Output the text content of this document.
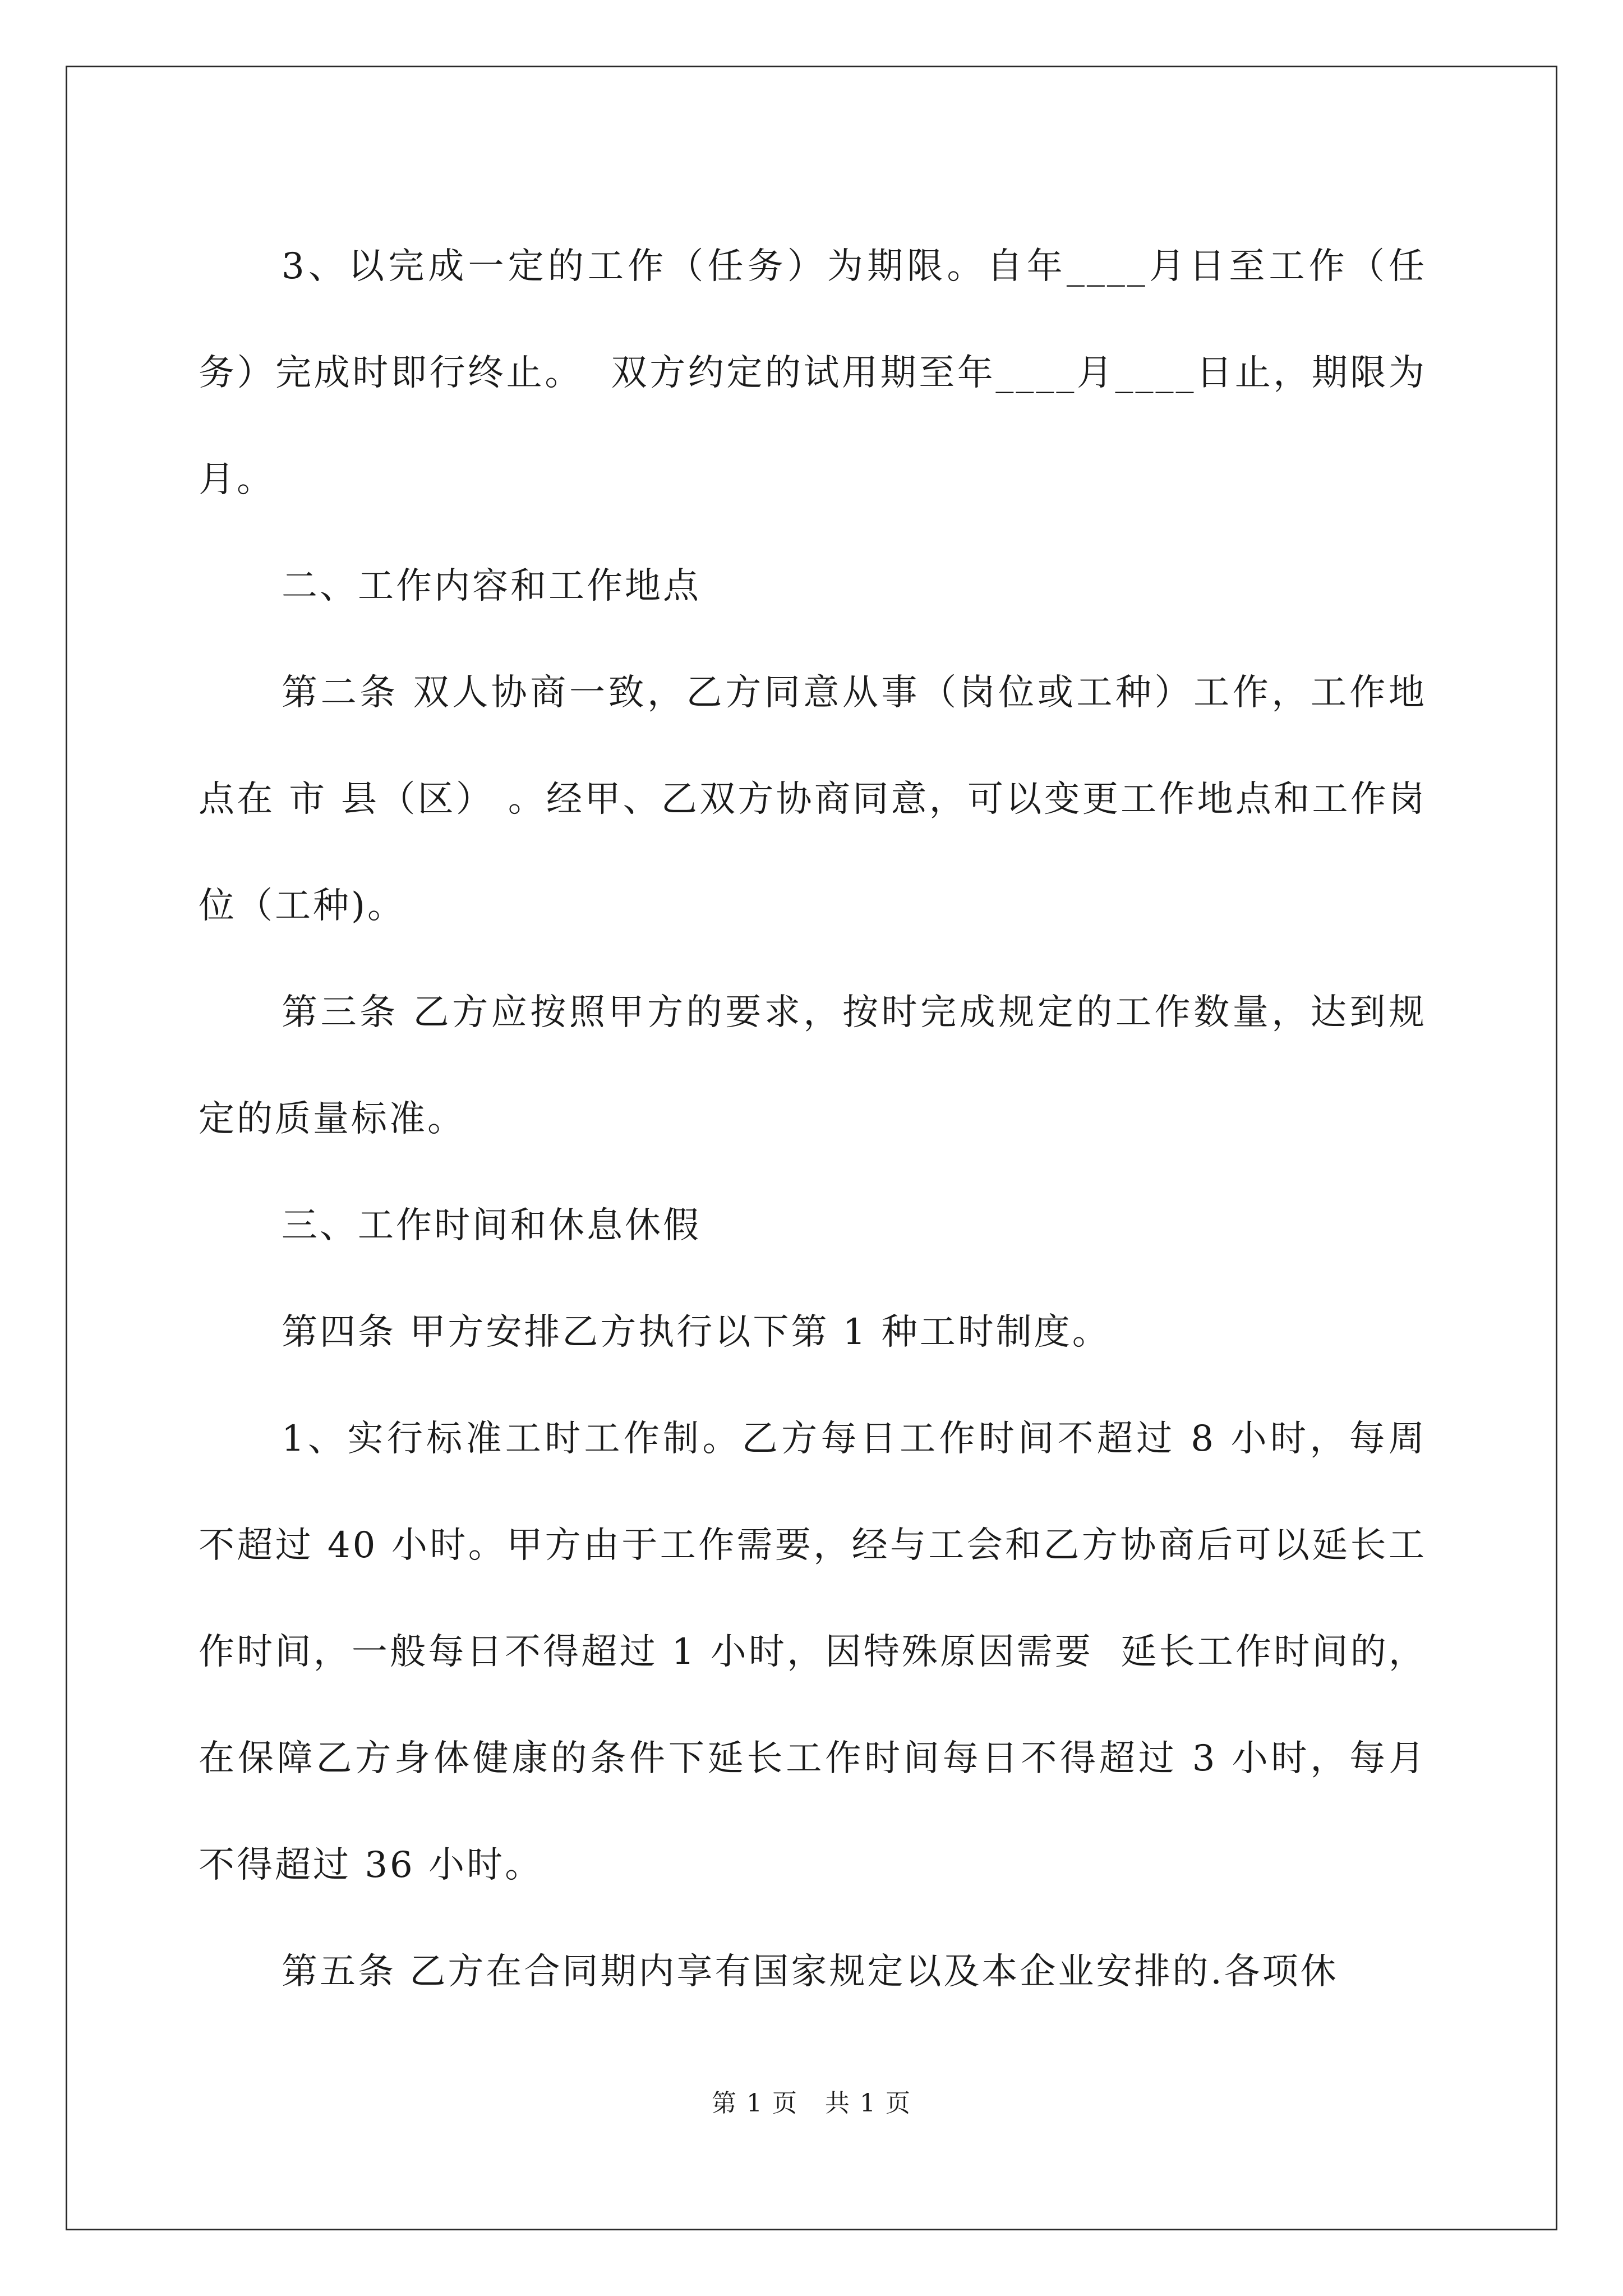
3、以完成一定的工作（任务）为期限。自年____月日至工作（任务）完成时即行终止。  双方约定的试用期至年____月____日止，期限为月。

二、工作内容和工作地点

第二条 双人协商一致，乙方同意从事（岗位或工种）工作，工作地点在 市 县（区） 。经甲、乙双方协商同意，可以变更工作地点和工作岗位（工种)。

第三条 乙方应按照甲方的要求，按时完成规定的工作数量，达到规定的质量标准。

三、工作时间和休息休假

第四条 甲方安排乙方执行以下第 1 种工时制度。

1、实行标准工时工作制。乙方每日工作时间不超过 8 小时，每周不超过 40 小时。甲方由于工作需要，经与工会和乙方协商后可以延长工作时间，一般每日不得超过 1 小时，因特殊原因需要  延长工作时间的，在保障乙方身体健康的条件下延长工作时间每日不得超过 3 小时，每月不得超过 36 小时。

第五条 乙方在合同期内享有国家规定以及本企业安排的.各项休

第 1 页   共 1 页
